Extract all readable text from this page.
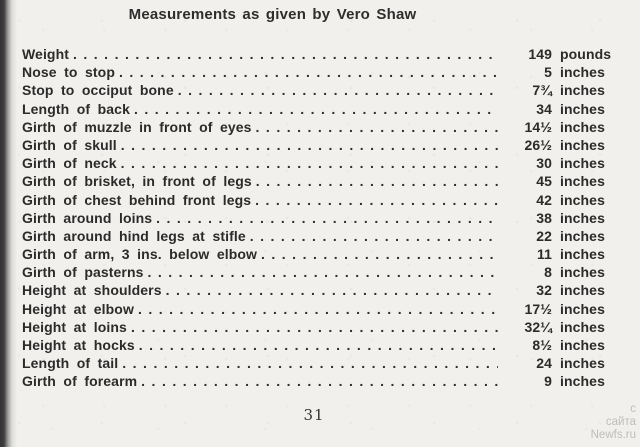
Measurements as given by Vero Shaw
Weight .....	149 pounds
Nose to stop .....	5 inches
Stop to occiput bone .....	7¾ inches
Length of back .....	34 inches
Girth of muzzle in front of eyes .....	14½ inches
Girth of skull .....	26½ inches
Girth of neck .....	30 inches
Girth of brisket, in front of legs .....	45 inches
Girth of chest behind front legs .....	42 inches
Girth around loins .....	38 inches
Girth around hind legs at stifle .....	22 inches
Girth of arm, 3 ins. below elbow .....	11 inches
Girth of pasterns .....	8 inches
Height at shoulders .....	32 inches
Height at elbow .....	17½ inches
Height at loins .....	32¼ inches
Height at hocks .....	8½ inches
Length of tail .....	24 inches
Girth of forearm .....	9 inches
31	с
сайта
Newfs.ru
